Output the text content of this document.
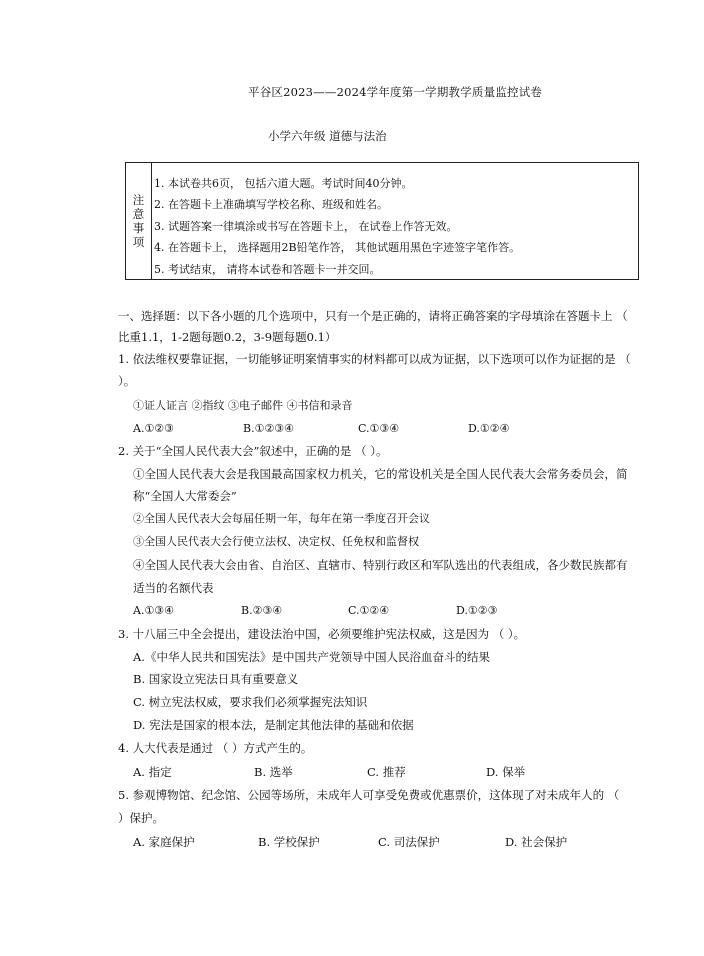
平谷区2023——2024学年度第一学期教学质量监控试卷
小学六年级 道德与法治
注
意
事
项
1. 本试卷共6页， 包括六道大题。考试时间40分钟。
2. 在答题卡上准确填写学校名称、班级和姓名。
3. 试题答案一律填涂或书写在答题卡上， 在试卷上作答无效。
4. 在答题卡上， 选择题用2B铅笔作答， 其他试题用黑色字迹签字笔作答。
5. 考试结束， 请将本试卷和答题卡一并交回。
一、选择题：以下各小题的几个选项中，只有一个是正确的，请将正确答案的字母填涂在答题卡上 （
比重1.1，1-2题每题0.2，3-9题每题0.1）
1. 依法维权要靠证据，一切能够证明案情事实的材料都可以成为证据，以下选项可以作为证据的是 （
）。
①证人证言 ②指纹 ③电子邮件 ④书信和录音
A.①②③	B.①②③④	C.①③④	D.①②④
2. 关于“全国人民代表大会”叙述中，正确的是 （ ）。
①全国人民代表大会是我国最高国家权力机关，它的常设机关是全国人民代表大会常务委员会，简
称“全国人大常委会”
②全国人民代表大会每届任期一年，每年在第一季度召开会议
③全国人民代表大会行使立法权、决定权、任免权和监督权
④全国人民代表大会由省、自治区、直辖市、特别行政区和军队选出的代表组成，各少数民族都有
适当的名额代表
A.①③④	B.②③④	C.①②④	D.①②③
3. 十八届三中全会提出，建设法治中国，必须要维护宪法权威，这是因为 （ ）。
A.《中华人民共和国宪法》是中国共产党领导中国人民浴血奋斗的结果
B. 国家设立宪法日具有重要意义
C. 树立宪法权威，要求我们必须掌握宪法知识
D. 宪法是国家的根本法，是制定其他法律的基础和依据
4. 人大代表是通过 （ ）方式产生的。
A. 指定	B. 选举	C. 推荐	D. 保举
5. 参观博物馆、纪念馆、公园等场所，未成年人可享受免费或优惠票价，这体现了对未成年人的 （
）保护。
A. 家庭保护	B. 学校保护	C. 司法保护	D. 社会保护
